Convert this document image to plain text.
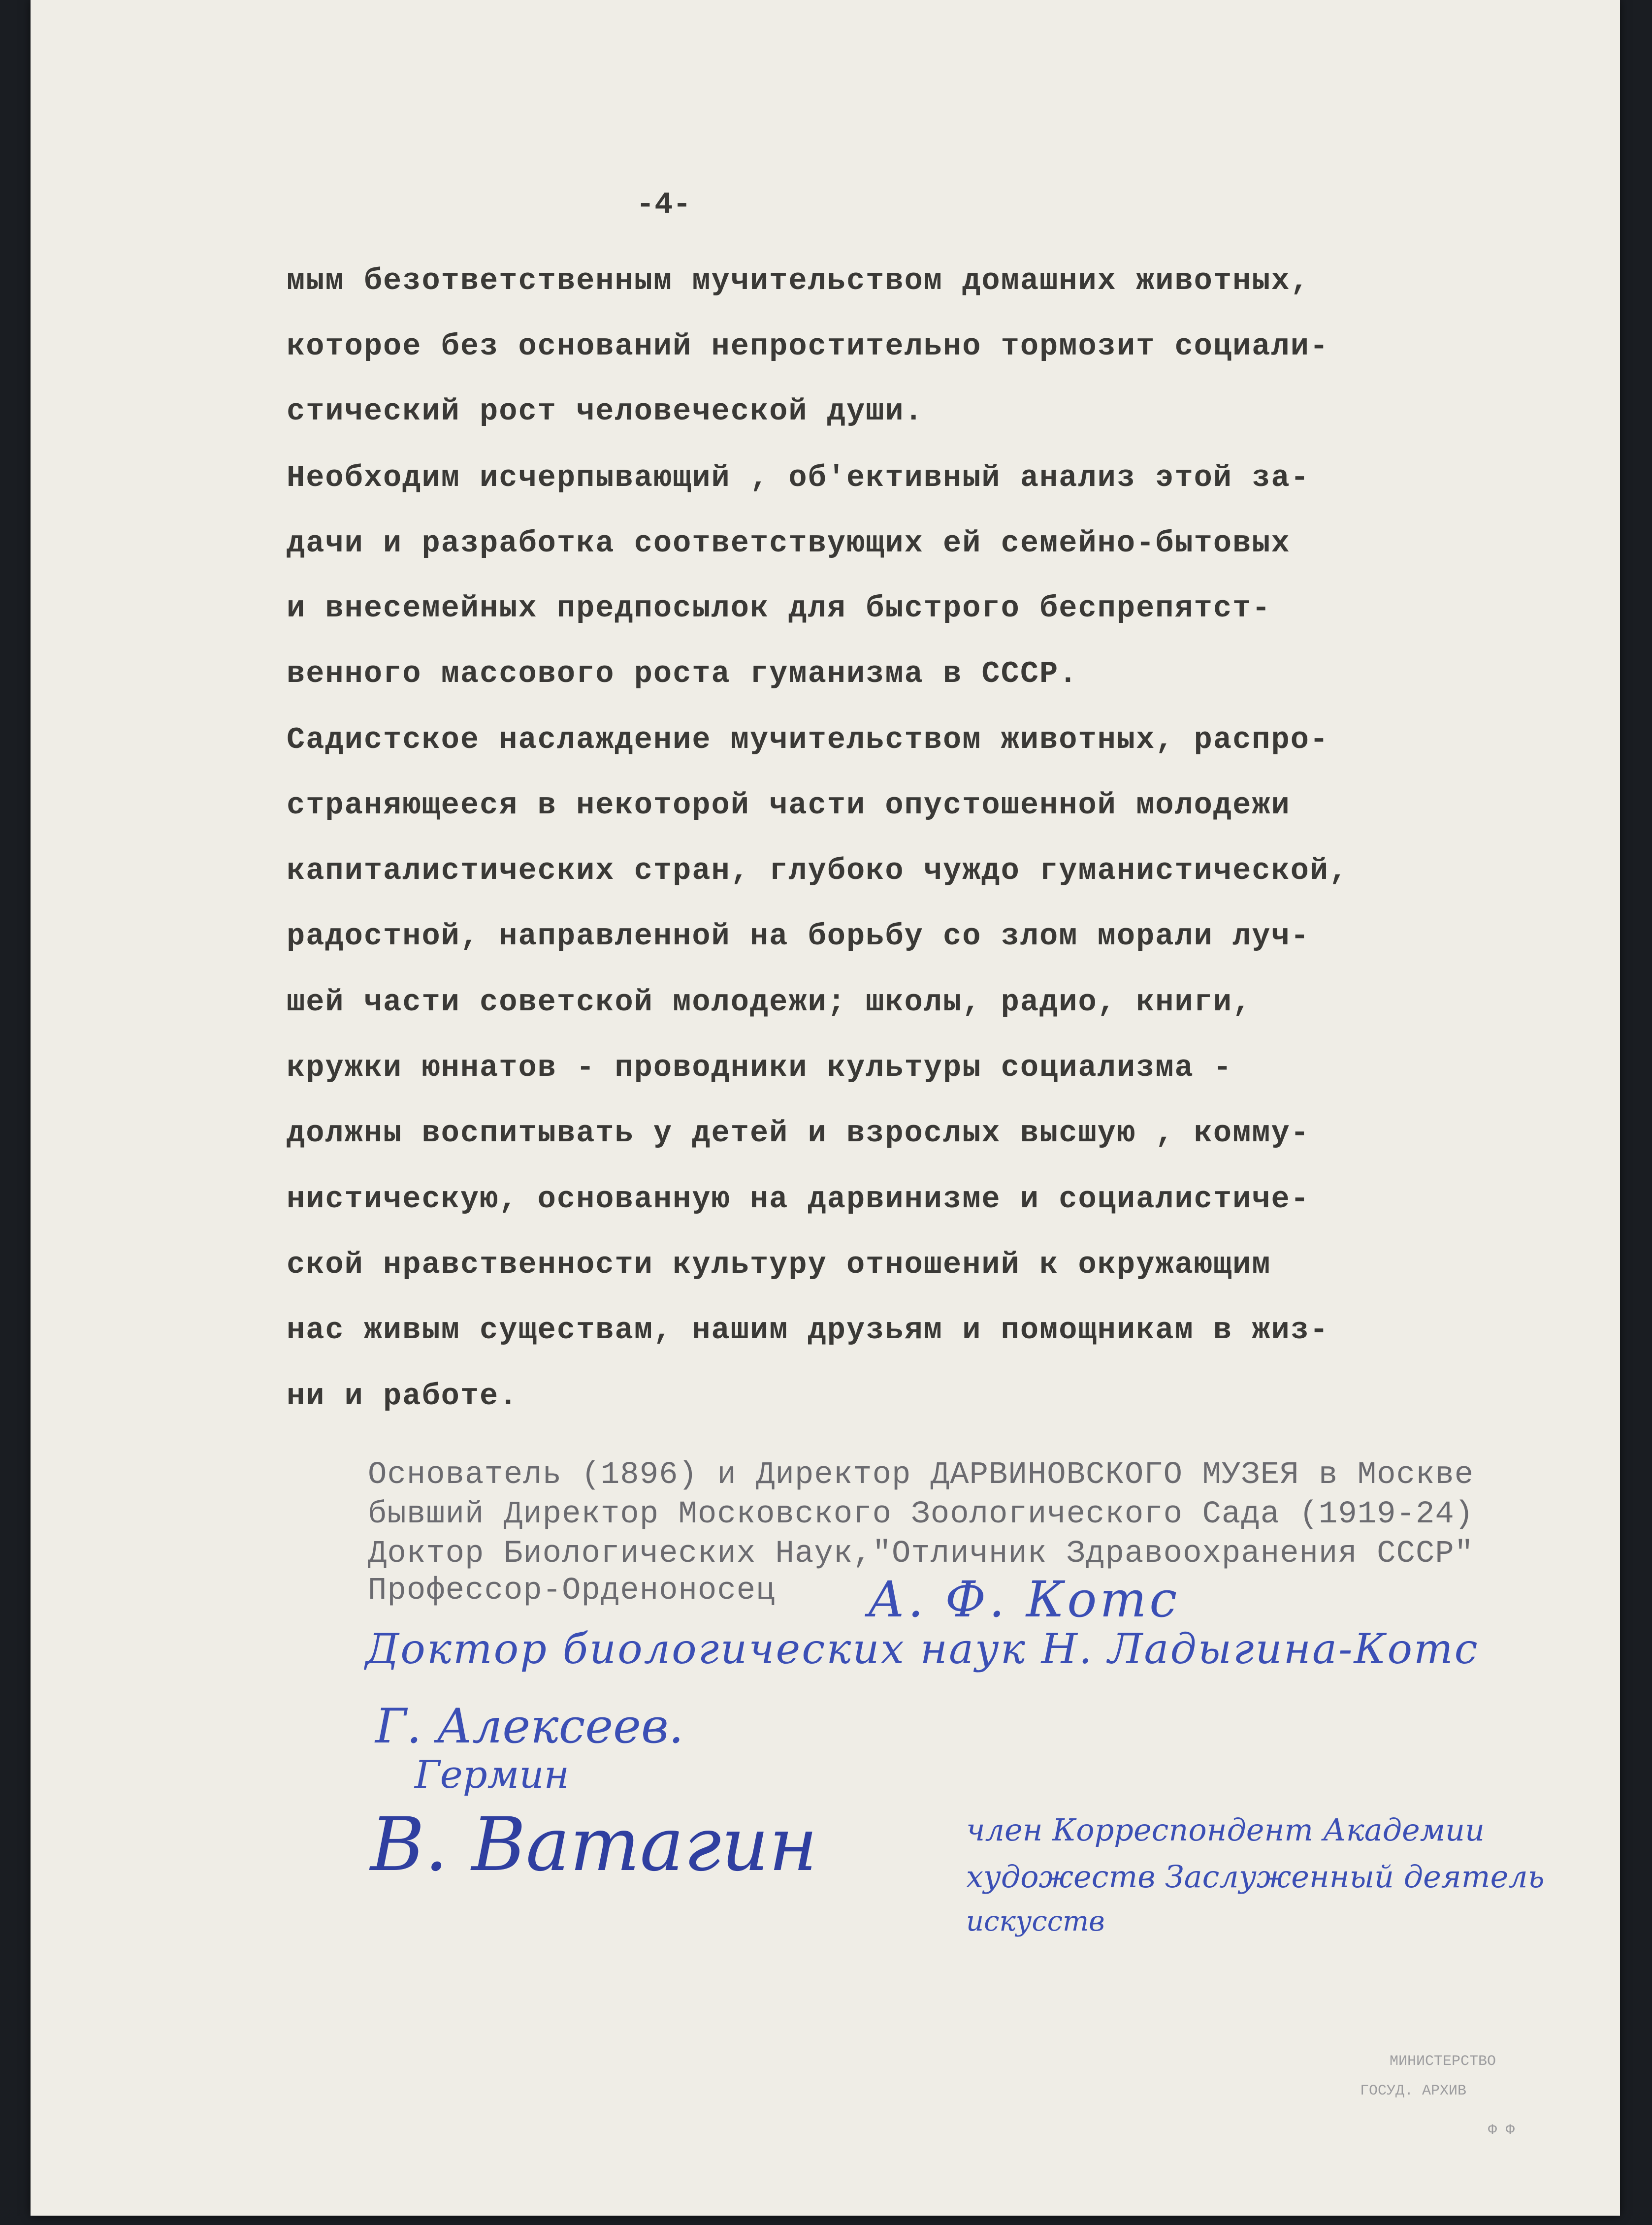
-4-
мым безответственным мучительством домашних животных,
которое без оснований непростительно тормозит социали-
стический рост человеческой души.
Необходим исчерпывающий , об'ективный анализ этой за-
дачи и разработка соответствующих ей семейно-бытовых
и внесемейных предпосылок для быстрого беспрепятст-
венного массового роста гуманизма в СССР.
Садистское наслаждение мучительством животных, распро-
страняющееся в некоторой части опустошенной молодежи
капиталистических стран, глубоко чуждо гуманистической,
радостной, направленной на борьбу со злом морали луч-
шей части советской молодежи; школы, радио, книги,
кружки юннатов - проводники культуры социализма -
должны воспитывать у детей и взрослых высшую , комму-
нистическую, основанную на дарвинизме и социалистиче-
ской нравственности культуру отношений к окружающим
нас живым существам, нашим друзьям и помощникам в жиз-
ни и работе.
Основатель (1896) и Директор ДАРВИНОВСКОГО МУЗЕЯ в Москве
бывший Директор Московского Зоологического Сада (1919-24)
Доктор Биологических Наук,"Отличник Здравоохранения СССР"
Профессор-Орденоносец А. Ф. Котс
Доктор биологических наук Н. Ладыгина-Котс
Г. Алексеев.
Гермин
В. Ватагин	член Корреспондент Академии
художеств Заслуженный деятель
искусств
МИНИСТЕРСТВО
ГОСУД. АРХИВ
Ф Ф
